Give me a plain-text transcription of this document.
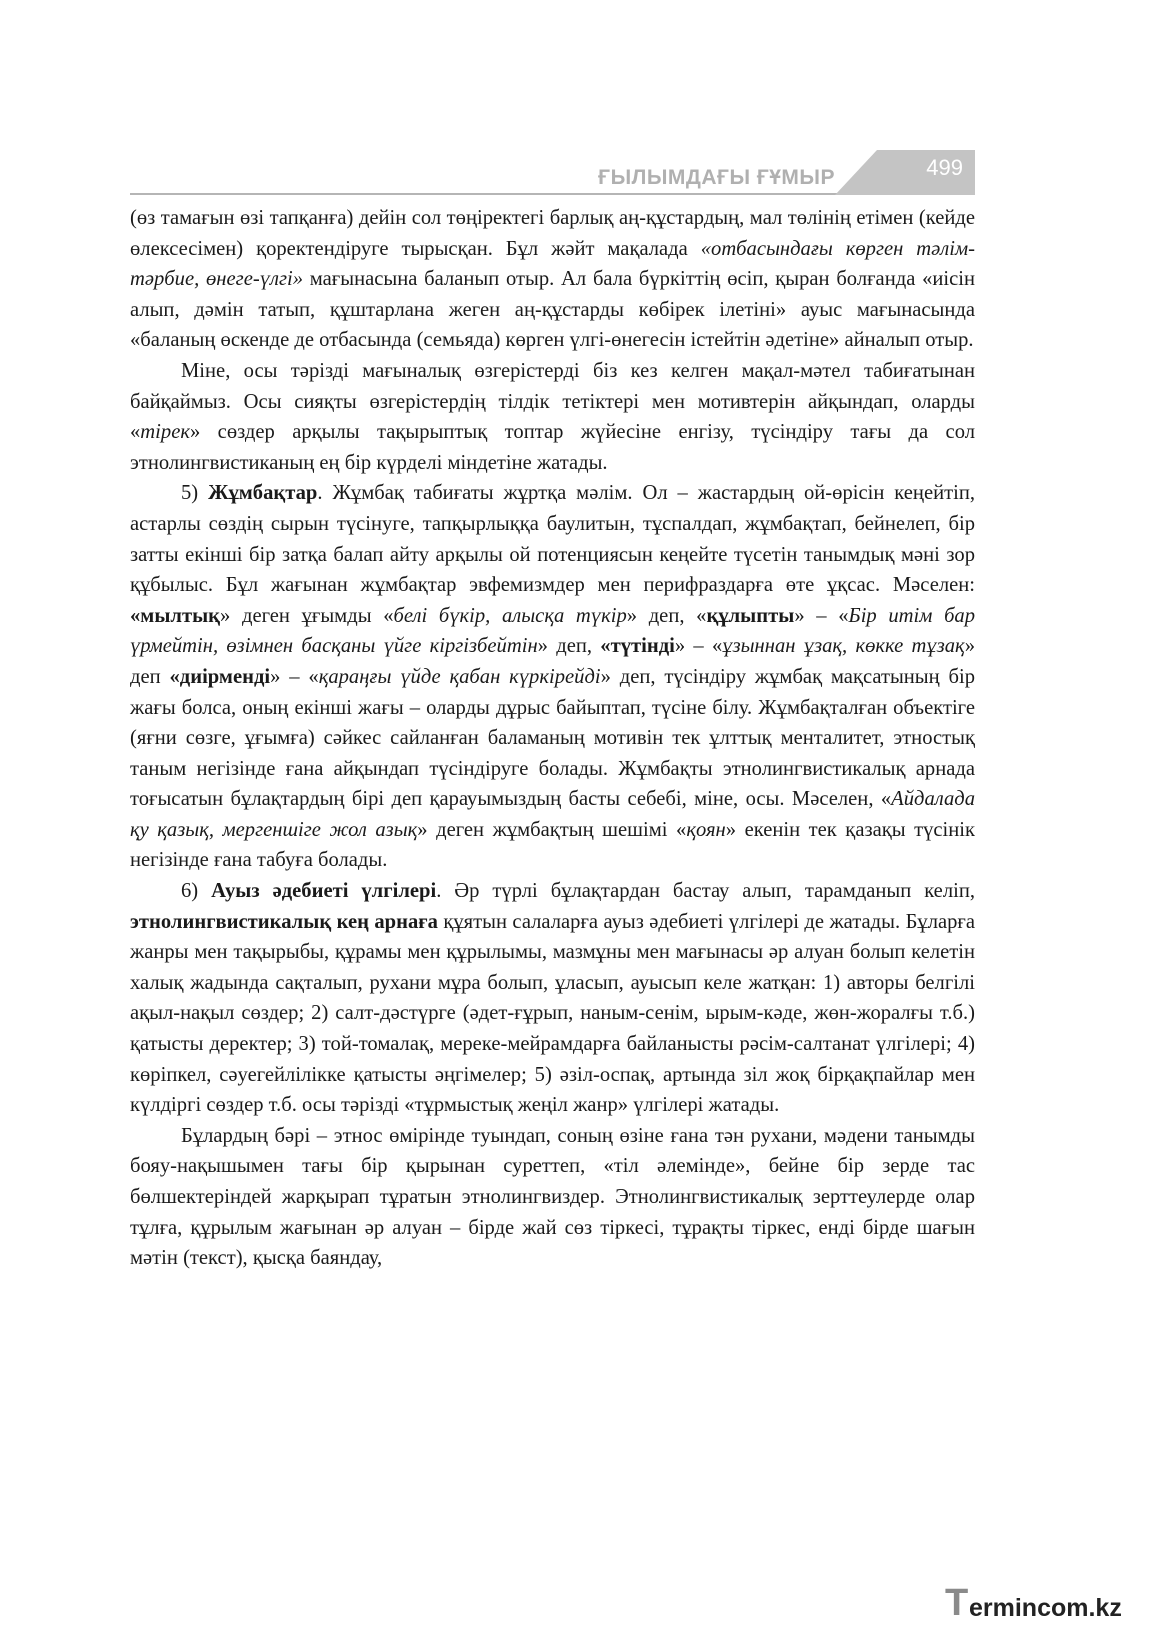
ҒЫЛЫМДАҒЫ ҒҰМЫР	499

(өз тамағын өзі тапқанға) дейін сол төңіректегі барлық аң-құстардың, мал төлінің етімен (кейде өлексесімен) қоректендіруге тырысқан. Бұл жәйт мақалада «отбасындағы көрген тәлім-тәрбие, өнеге-үлгі» мағынасына баланып отыр. Ал бала бүркіттің өсіп, қыран болғанда «иісін алып, дәмін татып, құштарлана жеген аң-құстарды көбірек ілетіні» ауыс мағынасында «баланың өскенде де отбасында (семьяда) көрген үлгі-өнегесін істейтін әдетіне» айналып отыр.

Міне, осы тәрізді мағыналық өзгерістерді біз кез келген мақал-мәтел табиғатынан байқаймыз. Осы сияқты өзгерістердің тілдік тетіктері мен мотивтерін айқындап, оларды «тірек» сөздер арқылы тақырыптық топтар жүйесіне енгізу, түсіндіру тағы да сол этнолингвистиканың ең бір күрделі міндетіне жатады.

5) Жұмбақтар. Жұмбақ табиғаты жұртқа мәлім. Ол – жастардың ой-өрісін кеңейтіп, астарлы сөздің сырын түсінуге, тапқырлыққа баулитын, тұспалдап, жұмбақтап, бейнелеп, бір затты екінші бір затқа балап айту арқылы ой потенциясын кеңейте түсетін танымдық мәні зор құбылыс. Бұл жағынан жұмбақтар эвфемизмдер мен перифраздарға өте ұқсас. Мәселен: «мылтық» деген ұғымды «белі бүкір, алысқа түкір» деп, «құлыпты» – «Бір итім бар үрмейтін, өзімнен басқаны үйге кіргізбейтін» деп, «түтінді» – «ұзыннан ұзақ, көкке тұзақ» деп «диірменді» – «қараңғы үйде қабан күркірейді» деп, түсіндіру жұмбақ мақсатының бір жағы болса, оның екінші жағы – оларды дұрыс байыптап, түсіне білу. Жұмбақталған объектіге (яғни сөзге, ұғымға) сәйкес сайланған баламаның мотивін тек ұлттық менталитет, этностық таным негізінде ғана айқындап түсіндіруге болады. Жұмбақты этнолингвистикалық арнада тоғысатын бұлақтардың бірі деп қарауымыздың басты себебі, міне, осы. Мәселен, «Айдалада қу қазық, мергеншіге жол азық» деген жұмбақтың шешімі «қоян» екенін тек қазақы түсінік негізінде ғана табуға болады.

6) Ауыз әдебиеті үлгілері. Әр түрлі бұлақтардан бастау алып, тарамданып келіп, этнолингвистикалық кең арнаға құятын салаларға ауыз әдебиеті үлгілері де жатады. Бұларға жанры мен тақырыбы, құрамы мен құрылымы, мазмұны мен мағынасы әр алуан болып келетін халық жадында сақталып, рухани мұра болып, ұласып, ауысып келе жатқан: 1) авторы белгілі ақыл-нақыл сөздер; 2) салт-дәстүрге (әдет-ғұрып, наным-сенім, ырым-кәде, жөн-жоралғы т.б.) қатысты деректер; 3) той-томалақ, мереке-мейрамдарға байланысты рәсім-салтанат үлгілері; 4) көріпкел, сәуегейлілікке қатысты әңгімелер; 5) әзіл-оспақ, артында зіл жоқ бірқақпайлар мен күлдіргі сөздер т.б. осы тәрізді «тұрмыстық жеңіл жанр» үлгілері жатады.

Бұлардың бәрі – этнос өмірінде туындап, соның өзіне ғана тән рухани, мәдени танымды бояу-нақышымен тағы бір қырынан суреттеп, «тіл әлемінде», бейне бір зерде тас бөлшектеріндей жарқырап тұратын этнолингвиздер. Этнолингвистикалық зерттеулерде олар тұлға, құрылым жағынан әр алуан – бірде жай сөз тіркесі, тұрақты тіркес, енді бірде шағын мәтін (текст), қысқа баяндау,

T ermincom.kz
